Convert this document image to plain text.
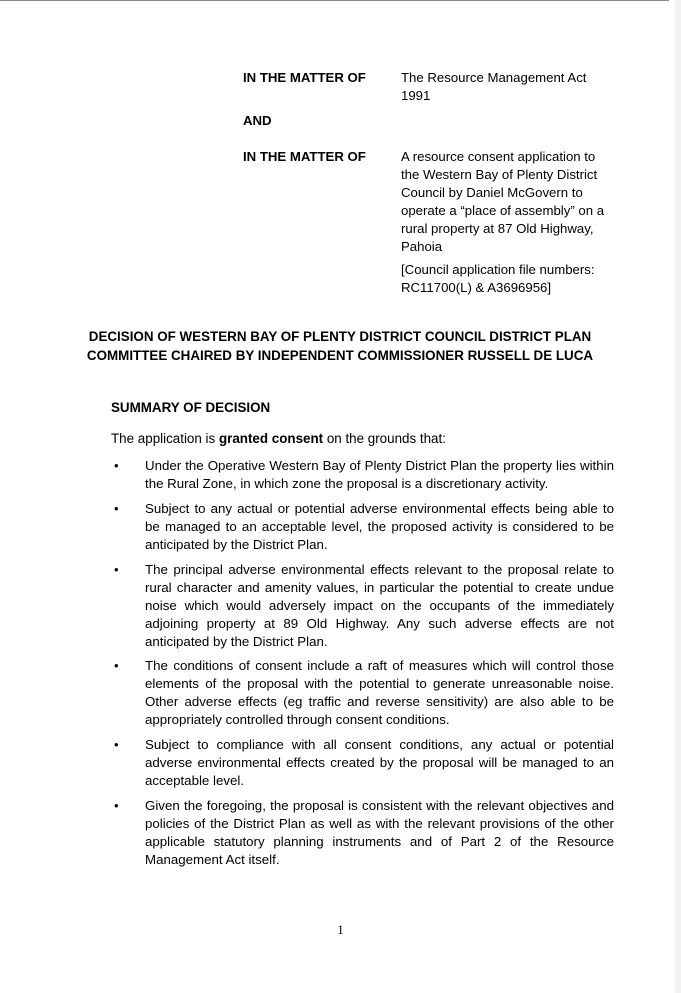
IN THE MATTER OF	The Resource Management Act
1991
AND
IN THE MATTER OF	A resource consent application to
the Western Bay of Plenty District
Council by Daniel McGovern to
operate a “place of assembly” on a
rural property at 87 Old Highway,
Pahoia
[Council application file numbers:
RC11700(L) & A3696956]
DECISION OF WESTERN BAY OF PLENTY DISTRICT COUNCIL DISTRICT PLAN
COMMITTEE CHAIRED BY INDEPENDENT COMMISSIONER RUSSELL DE LUCA
SUMMARY OF DECISION
The application is granted consent on the grounds that:
• Under the Operative Western Bay of Plenty District Plan the property lies within
the Rural Zone, in which zone the proposal is a discretionary activity.
• Subject to any actual or potential adverse environmental effects being able to
be managed to an acceptable level, the proposed activity is considered to be
anticipated by the District Plan.
• The principal adverse environmental effects relevant to the proposal relate to
rural character and amenity values, in particular the potential to create undue
noise which would adversely impact on the occupants of the immediately
adjoining property at 89 Old Highway. Any such adverse effects are not
anticipated by the District Plan.
• The conditions of consent include a raft of measures which will control those
elements of the proposal with the potential to generate unreasonable noise.
Other adverse effects (eg traffic and reverse sensitivity) are also able to be
appropriately controlled through consent conditions.
• Subject to compliance with all consent conditions, any actual or potential
adverse environmental effects created by the proposal will be managed to an
acceptable level.
• Given the foregoing, the proposal is consistent with the relevant objectives and
policies of the District Plan as well as with the relevant provisions of the other
applicable statutory planning instruments and of Part 2 of the Resource
Management Act itself.
1
